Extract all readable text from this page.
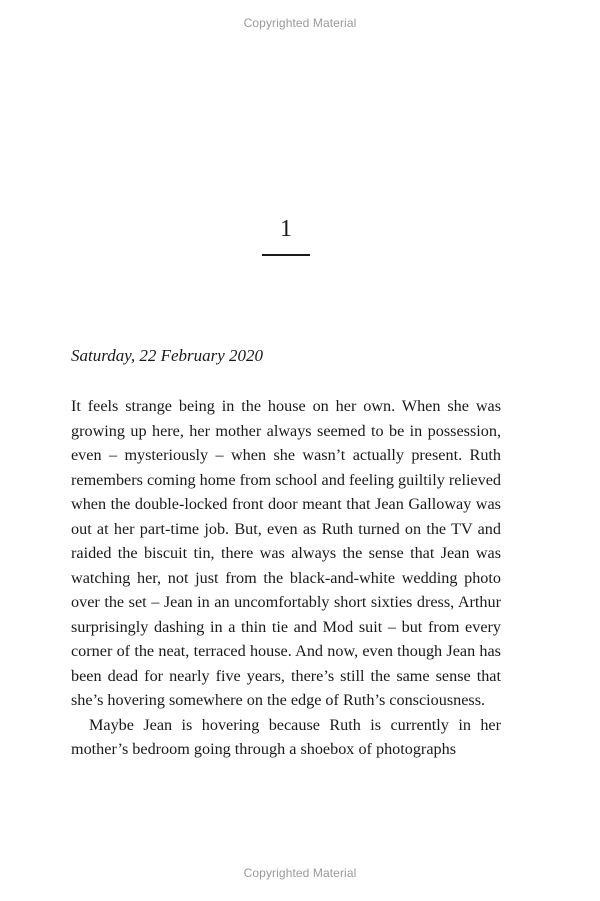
Copyrighted Material
1
Saturday, 22 February 2020

It feels strange being in the house on her own. When she was growing up here, her mother always seemed to be in possession, even – mysteriously – when she wasn’t actually present. Ruth remembers coming home from school and feeling guiltily relieved when the double-locked front door meant that Jean Galloway was out at her part-time job. But, even as Ruth turned on the TV and raided the biscuit tin, there was always the sense that Jean was watching her, not just from the black-and-white wedding photo over the set – Jean in an uncomfortably short sixties dress, Arthur surprisingly dashing in a thin tie and Mod suit – but from every corner of the neat, terraced house. And now, even though Jean has been dead for nearly five years, there’s still the same sense that she’s hovering somewhere on the edge of Ruth’s consciousness.

Maybe Jean is hovering because Ruth is currently in her mother’s bedroom going through a shoebox of photographs

Copyrighted Material
